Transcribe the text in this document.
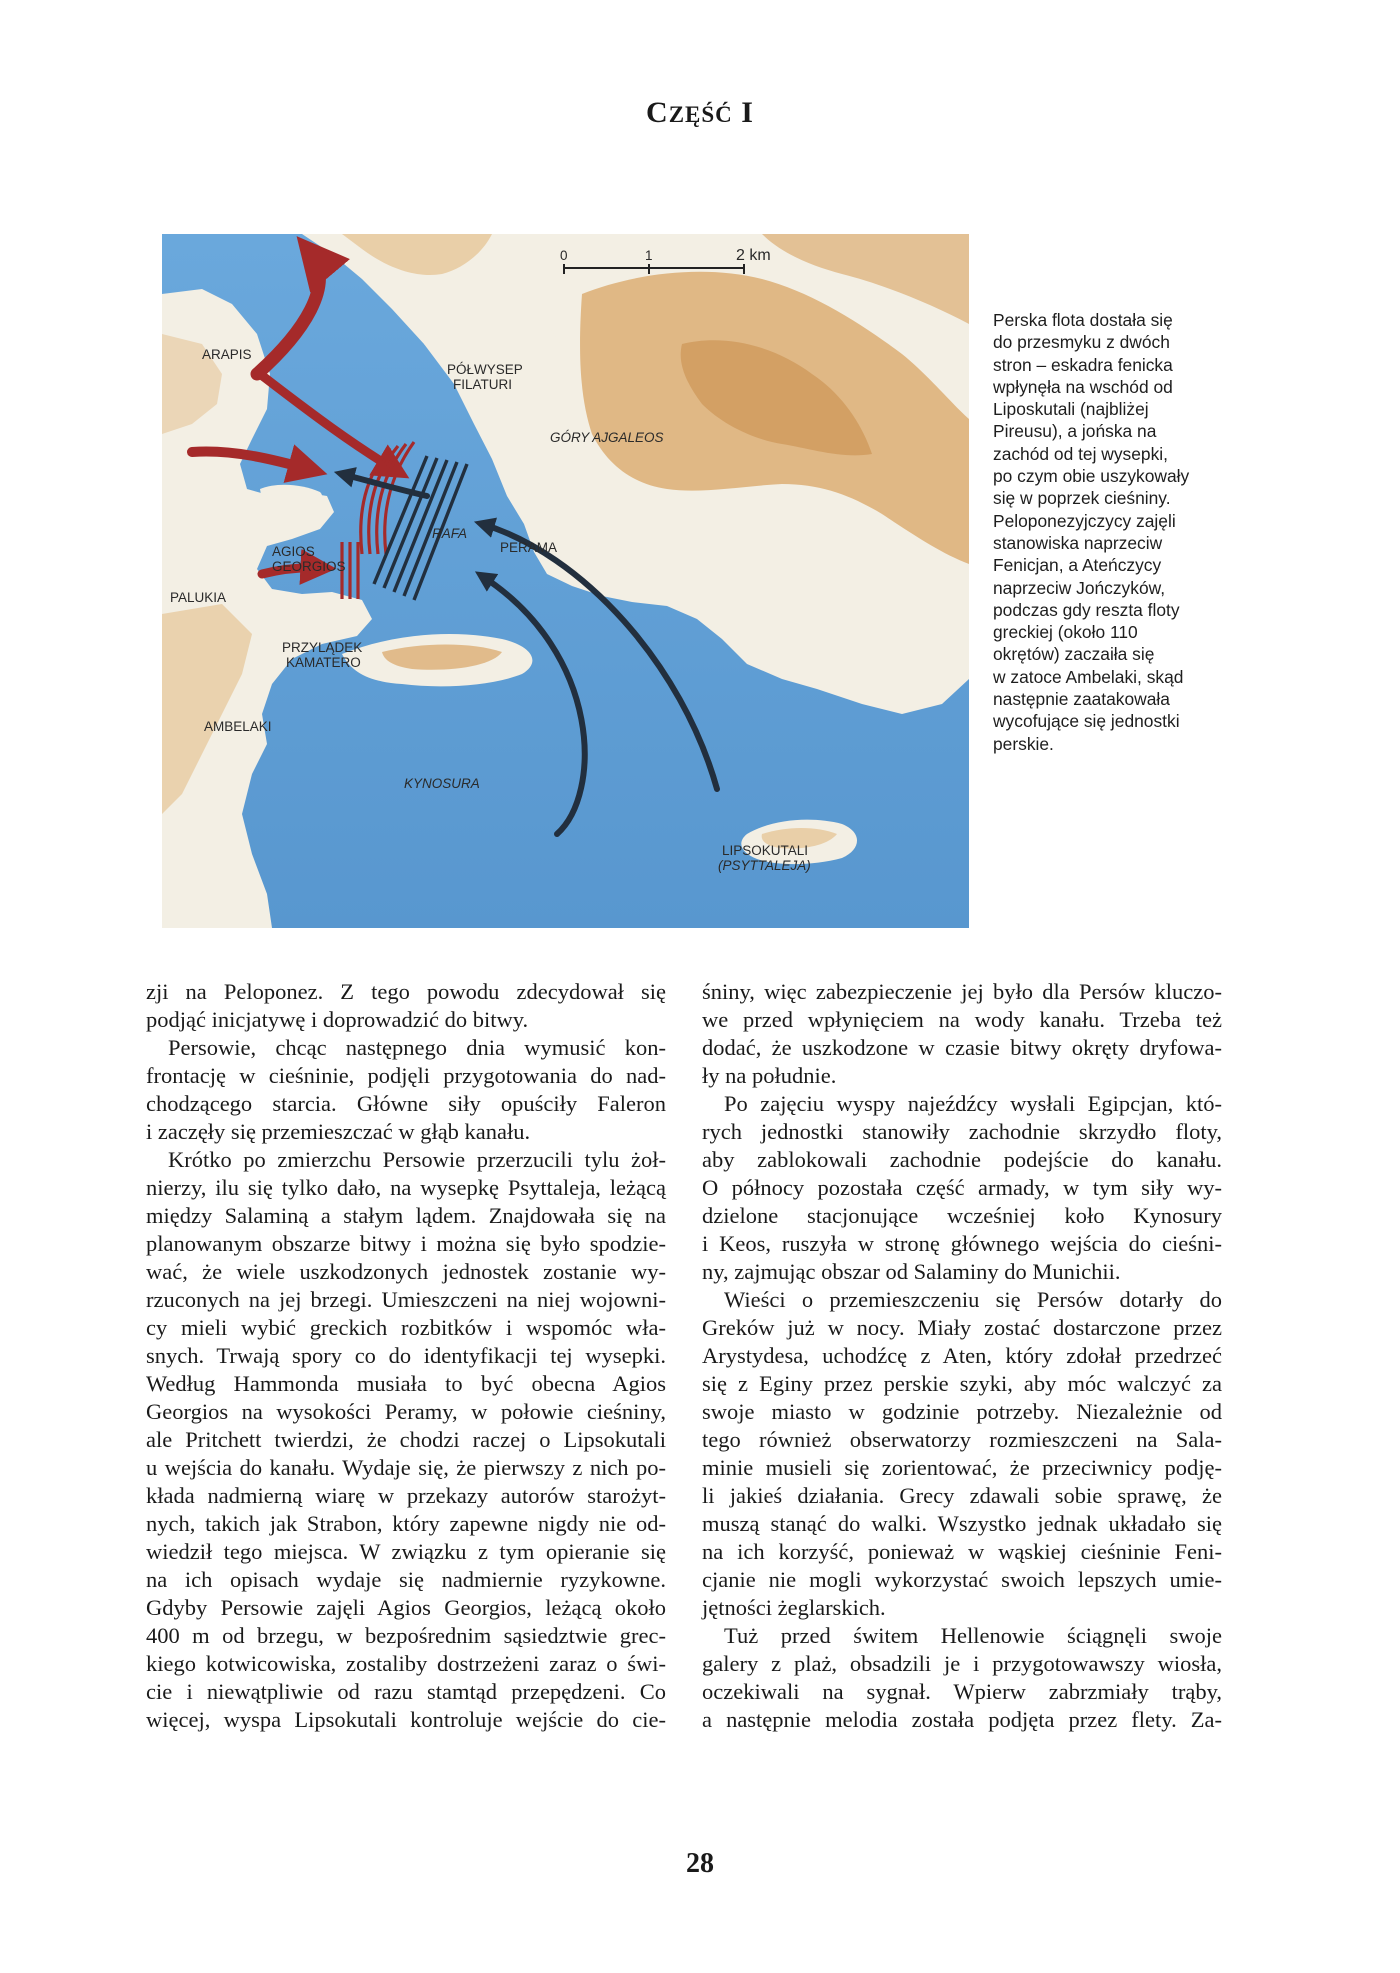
CZĘŚĆ I
0	1	2 km
ARAPIS
PÓŁWYSEP
FILATURI
GÓRY AJGALEOS
RAFA
PERAMA
AGIOS
GEORGIOS
PALUKIA
PRZYLĄDEK
KAMATERO
AMBELAKI
KYNOSURA
LIPSOKUTALI
(PSYTTALEJA)
Perska flota dostała się
do przesmyku z dwóch
stron – eskadra fenicka
wpłynęła na wschód od
Liposkutali (najbliżej
Pireusu), a jońska na
zachód od tej wysepki,
po czym obie uszykowały
się w poprzek cieśniny.
Peloponezyjczycy zajęli
stanowiska naprzeciw
Fenicjan, a Ateńczycy
naprzeciw Jończyków,
podczas gdy reszta floty
greckiej (około 110
okrętów) zaczaiła się
w zatoce Ambelaki, skąd
następnie zaatakowała
wycofujące się jednostki
perskie.
zji na Peloponez. Z tego powodu zdecydował się
podjąć inicjatywę i doprowadzić do bitwy.
Persowie, chcąc następnego dnia wymusić kon-
frontację w cieśninie, podjęli przygotowania do nad-
chodzącego starcia. Główne siły opuściły Faleron
i zaczęły się przemieszczać w głąb kanału.
Krótko po zmierzchu Persowie przerzucili tylu żoł-
nierzy, ilu się tylko dało, na wysepkę Psyttaleja, leżącą
między Salaminą a stałym lądem. Znajdowała się na
planowanym obszarze bitwy i można się było spodzie-
wać, że wiele uszkodzonych jednostek zostanie wy-
rzuconych na jej brzegi. Umieszczeni na niej wojowni-
cy mieli wybić greckich rozbitków i wspomóc wła-
snych. Trwają spory co do identyfikacji tej wysepki.
Według Hammonda musiała to być obecna Agios
Georgios na wysokości Peramy, w połowie cieśniny,
ale Pritchett twierdzi, że chodzi raczej o Lipsokutali
u wejścia do kanału. Wydaje się, że pierwszy z nich po-
kłada nadmierną wiarę w przekazy autorów starożyt-
nych, takich jak Strabon, który zapewne nigdy nie od-
wiedził tego miejsca. W związku z tym opieranie się
na ich opisach wydaje się nadmiernie ryzykowne.
Gdyby Persowie zajęli Agios Georgios, leżącą około
400 m od brzegu, w bezpośrednim sąsiedztwie grec-
kiego kotwicowiska, zostaliby dostrzeżeni zaraz o świ-
cie i niewątpliwie od razu stamtąd przepędzeni. Co
więcej, wyspa Lipsokutali kontroluje wejście do cie-
śniny, więc zabezpieczenie jej było dla Persów kluczo-
we przed wpłynięciem na wody kanału. Trzeba też
dodać, że uszkodzone w czasie bitwy okręty dryfowa-
ły na południe.
Po zajęciu wyspy najeźdźcy wysłali Egipcjan, któ-
rych jednostki stanowiły zachodnie skrzydło floty,
aby zablokowali zachodnie podejście do kanału.
O północy pozostała część armady, w tym siły wy-
dzielone stacjonujące wcześniej koło Kynosury
i Keos, ruszyła w stronę głównego wejścia do cieśni-
ny, zajmując obszar od Salaminy do Munichii.
Wieści o przemieszczeniu się Persów dotarły do
Greków już w nocy. Miały zostać dostarczone przez
Arystydesa, uchodźcę z Aten, który zdołał przedrzeć
się z Eginy przez perskie szyki, aby móc walczyć za
swoje miasto w godzinie potrzeby. Niezależnie od
tego również obserwatorzy rozmieszczeni na Sala-
minie musieli się zorientować, że przeciwnicy podję-
li jakieś działania. Grecy zdawali sobie sprawę, że
muszą stanąć do walki. Wszystko jednak układało się
na ich korzyść, ponieważ w wąskiej cieśninie Feni-
cjanie nie mogli wykorzystać swoich lepszych umie-
jętności żeglarskich.
Tuż przed świtem Hellenowie ściągnęli swoje
galery z plaż, obsadzili je i przygotowawszy wiosła,
oczekiwali na sygnał. Wpierw zabrzmiały trąby,
a następnie melodia została podjęta przez flety. Za-
28
